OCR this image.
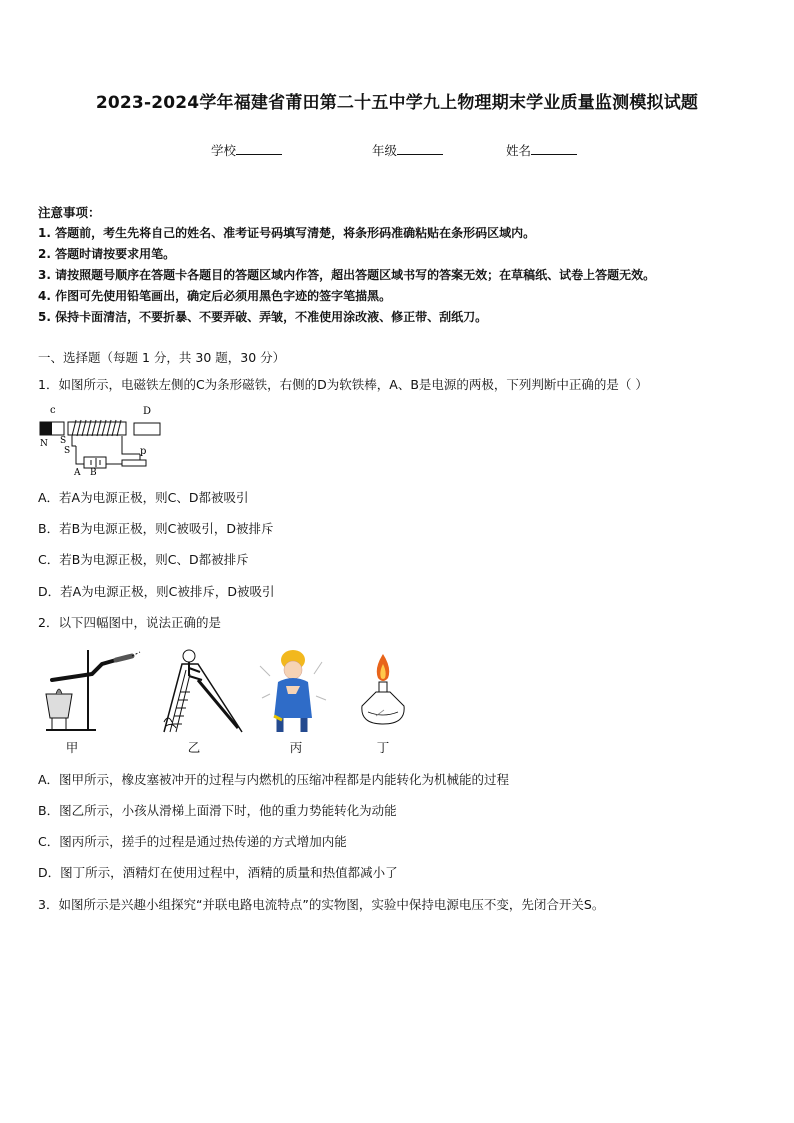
2023-2024学年福建省莆田第二十五中学九上物理期末学业质量监测模拟试题
学校	年级	姓名
注意事项：
1. 答题前，考生先将自己的姓名、准考证号码填写清楚，将条形码准确粘贴在条形码区域内。
2. 答题时请按要求用笔。
3. 请按照题号顺序在答题卡各题目的答题区域内作答，超出答题区域书写的答案无效；在草稿纸、试卷上答题无效。
4. 作图可先使用铅笔画出，确定后必须用黑色字迹的签字笔描黑。
5. 保持卡面清洁，不要折暴、不要弄破、弄皱，不准使用涂改液、修正带、刮纸刀。
一、选择题（每题 1 分，共 30 题，30 分）
1．如图所示，电磁铁左侧的C为条形磁铁，右侧的D为软铁棒，A、B是电源的两极，下列判断中正确的是（ ）
c	D
N S
S	p
A B
A．若A为电源正极，则C、D都被吸引
B．若B为电源正极，则C被吸引，D被排斥
C．若B为电源正极，则C、D都被排斥
D．若A为电源正极，则C被排斥，D被吸引
2．以下四幅图中，说法正确的是
甲	乙	丙	丁
A．图甲所示，橡皮塞被冲开的过程与内燃机的压缩冲程都是内能转化为机械能的过程
B．图乙所示，小孩从滑梯上面滑下时，他的重力势能转化为动能
C．图丙所示，搓手的过程是通过热传递的方式增加内能
D．图丁所示，酒精灯在使用过程中，酒精的质量和热值都减小了
3．如图所示是兴趣小组探究“并联电路电流特点”的实物图，实验中保持电源电压不变，先闭合开关S。
